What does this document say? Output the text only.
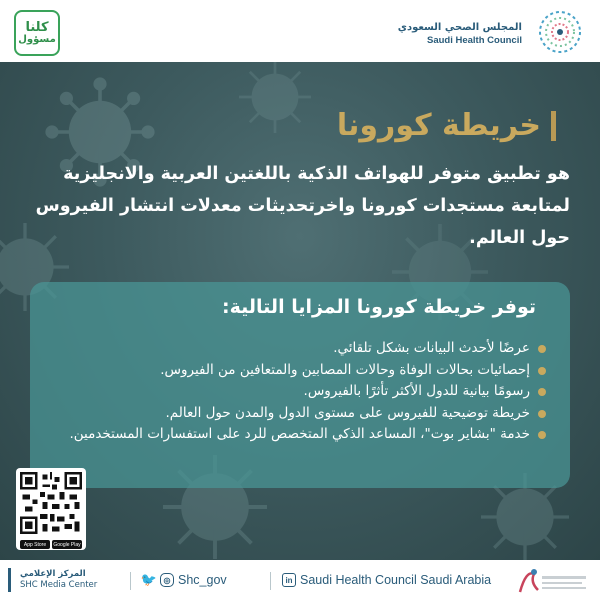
كلنا
مسؤول
المجلس الصحي السعودي
Saudi Health Council
خريطة كورونا
هو تطبيق متوفر للهواتف الذكية باللغتين العربية والانجليزية لمتابعة مستجدات كورونا واخرتحديثات معدلات انتشار الفيروس حول العالم.
توفر خريطة كورونا المزايا التالية:
عرضًا لأحدث البيانات بشكل تلقائي.
إحصائيات بحالات الوفاة وحالات المصابين والمتعافين من الفيروس.
رسومًا بيانية للدول الأكثر تأثرًا بالفيروس.
خريطة توضيحية للفيروس على مستوى الدول والمدن حول العالم.
خدمة "بشاير بوت"، المساعد الذكي المتخصص للرد على استفسارات المستخدمين.
App Store	Google Play
المركز الإعلامي
SHC Media Center	🐦 ◎ Shc_gov	in Saudi Health Council Saudi Arabia
